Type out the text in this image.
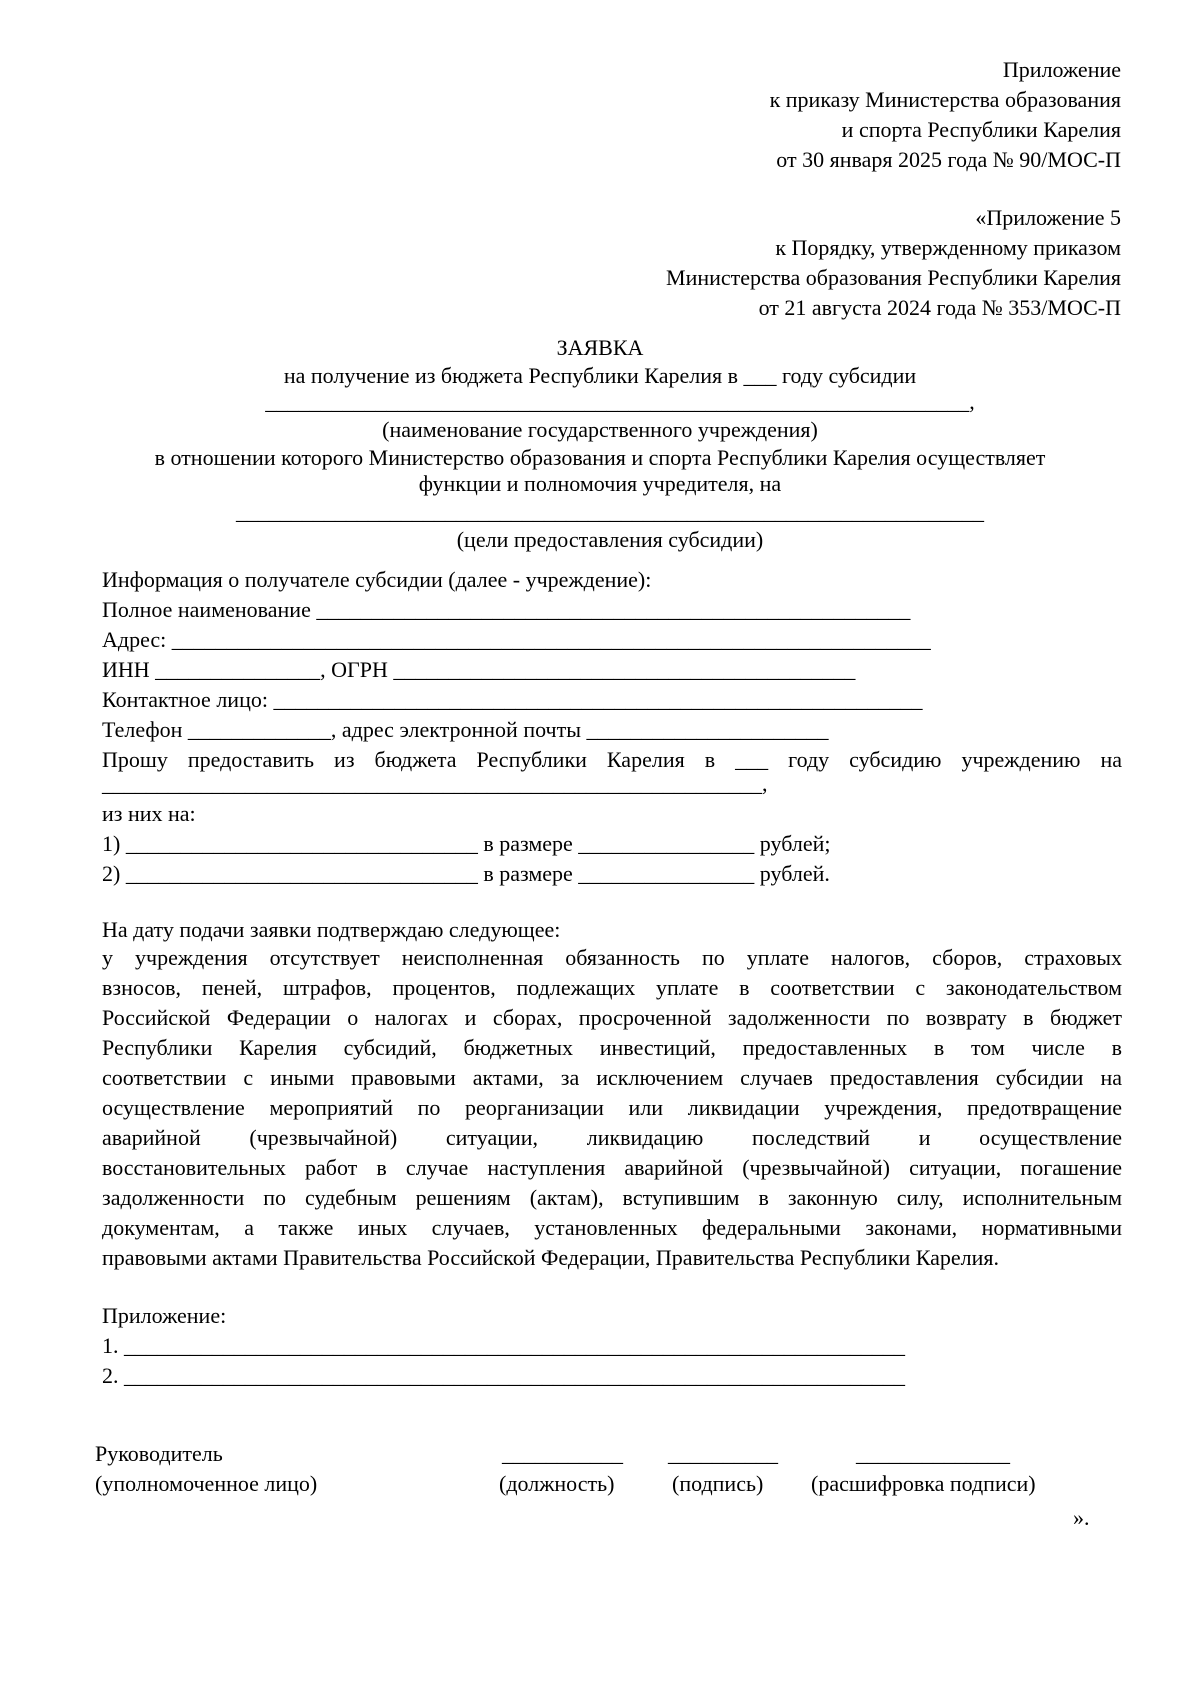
Приложение
к приказу Министерства образования
и спорта Республики Карелия
от 30 января 2025 года № 90/МОС-П
«Приложение 5
к Порядку, утвержденному приказом
Министерства образования Республики Карелия
от 21 августа 2024 года № 353/МОС-П
ЗАЯВКА
на получение из бюджета Республики Карелия в ___ году субсидии
________________________________________________________________,
(наименование государственного учреждения)
в отношении которого Министерство образования и спорта Республики Карелия осуществляет
функции и полномочия учредителя, на
____________________________________________________________________
(цели предоставления субсидии)
Информация о получателе субсидии (далее - учреждение):
Полное наименование ______________________________________________________
Адрес: _____________________________________________________________________
ИНН _______________, ОГРН __________________________________________
Контактное лицо: ___________________________________________________________
Телефон _____________, адрес электронной почты ______________________
Прошу предоставить из бюджета Республики Карелия в ___ году субсидию учреждению на
____________________________________________________________,
из них на:
1) ________________________________ в размере ________________ рублей;
2) ________________________________ в размере ________________ рублей.
На дату подачи заявки подтверждаю следующее:
у учреждения отсутствует неисполненная обязанность по уплате налогов, сборов, страховых
взносов, пеней, штрафов, процентов, подлежащих уплате в соответствии с законодательством
Российской Федерации о налогах и сборах, просроченной задолженности по возврату в бюджет
Республики Карелия субсидий, бюджетных инвестиций, предоставленных в том числе в
соответствии с иными правовыми актами, за исключением случаев предоставления субсидии на
осуществление мероприятий по реорганизации или ликвидации учреждения, предотвращение
аварийной (чрезвычайной) ситуации, ликвидацию последствий и осуществление
восстановительных работ в случае наступления аварийной (чрезвычайной) ситуации, погашение
задолженности по судебным решениям (актам), вступившим в законную силу, исполнительным
документам, а также иных случаев, установленных федеральными законами, нормативными
правовыми актами Правительства Российской Федерации, Правительства Республики Карелия.
Приложение:
1. _______________________________________________________________________
2. _______________________________________________________________________
Руководитель
(уполномоченное лицо)
___________
(должность)
__________
(подпись)
______________
(расшифровка подписи)
».
